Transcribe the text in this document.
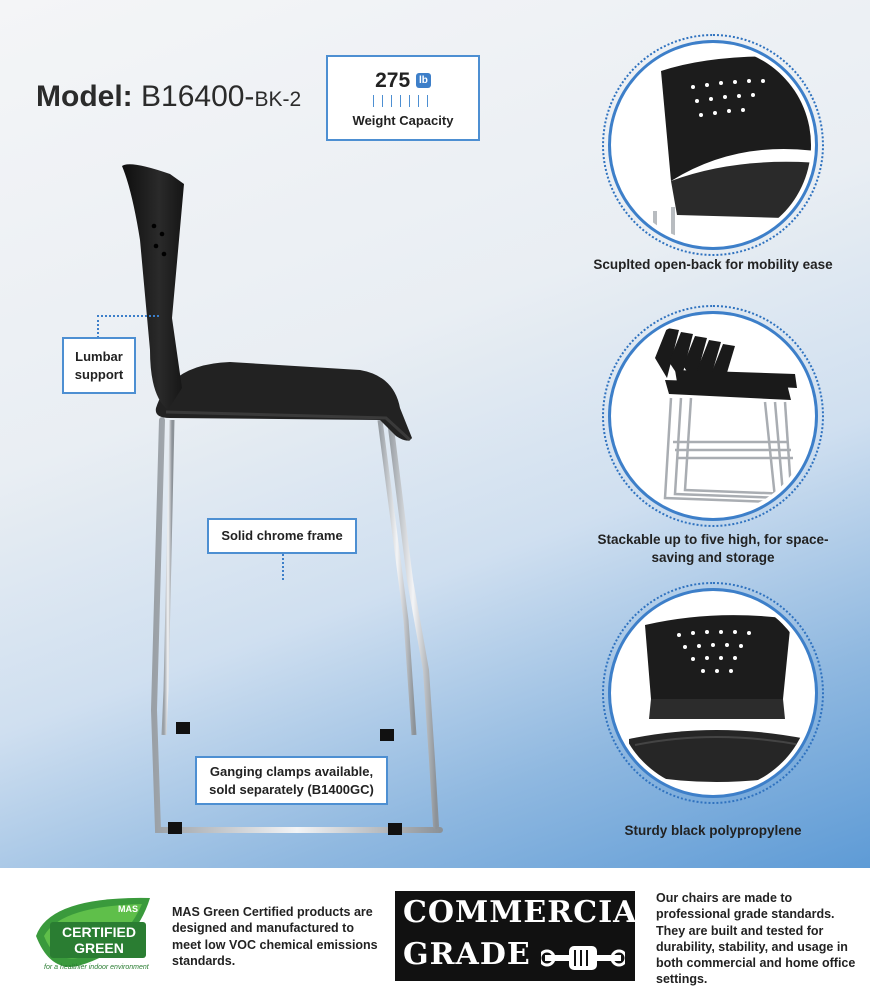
Model: B16400-BK-2
275 lb
Weight Capacity
Lumbar support
Solid chrome frame
Ganging clamps available, sold separately (B1400GC)
Scuplted open-back for mobility ease
Stackable up to five high, for space-saving and storage
Sturdy black polypropylene
MAS
CERTIFIED
GREEN
for a healthier indoor environment
MAS Green Certified products are designed and manufactured to meet low VOC chemical emissions standards.
COMMERCIAL
GRADE
Our chairs are made to professional grade standards. They are built and tested for durability, stability, and usage in both commercial and home office settings.
